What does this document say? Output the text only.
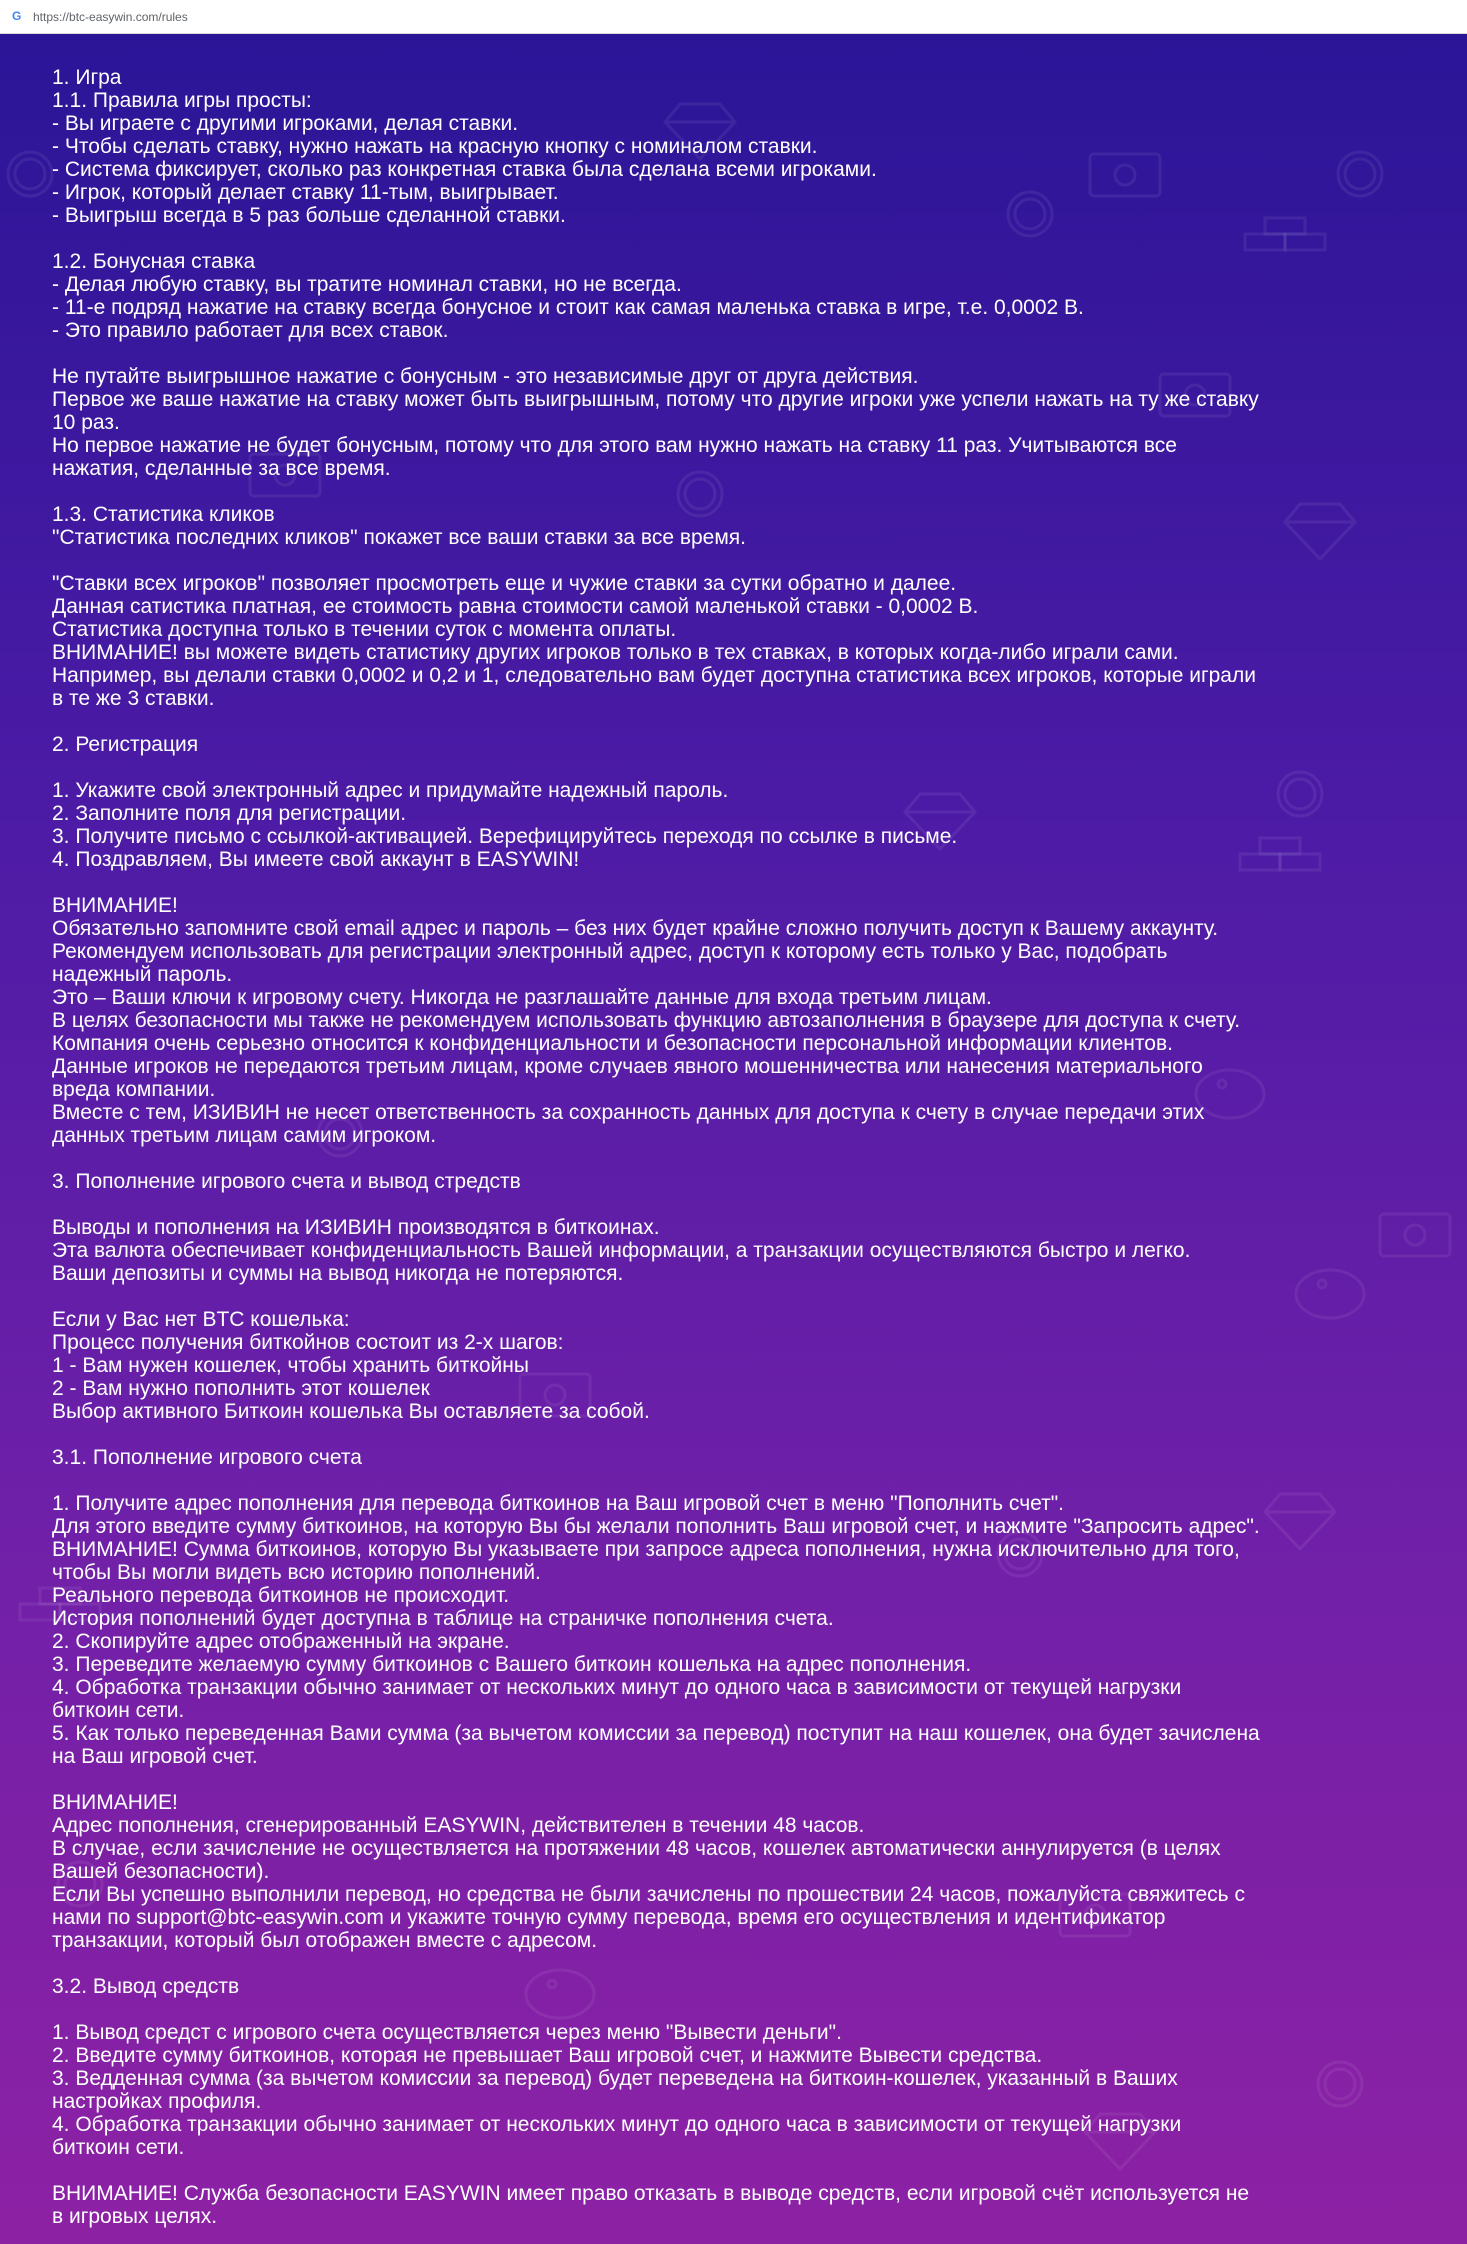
G https://btc-easywin.com/rules
1. Игра
1.1. Правила игры просты:
- Вы играете с другими игроками, делая ставки.
- Чтобы сделать ставку, нужно нажать на красную кнопку с номиналом ставки.
- Система фиксирует, сколько раз конкретная ставка была сделана всеми игроками.
- Игрок, который делает ставку 11-тым, выигрывает.
- Выигрыш всегда в 5 раз больше сделанной ставки.
1.2. Бонусная ставка
- Делая любую ставку, вы тратите номинал ставки, но не всегда.
- 11-е подряд нажатие на ставку всегда бонусное и стоит как самая маленька ставка в игре, т.е. 0,0002 В.
- Это правило работает для всех ставок.
Не путайте выигрышное нажатие с бонусным - это независимые друг от друга действия.
Первое же ваше нажатие на ставку может быть выигрышным, потому что другие игроки уже успели нажать на ту же ставку
10 раз.
Но первое нажатие не будет бонусным, потому что для этого вам нужно нажать на ставку 11 раз. Учитываются все
нажатия, сделанные за все время.
1.3. Статистика кликов
"Статистика последних кликов" покажет все ваши ставки за все время.
"Ставки всех игроков" позволяет просмотреть еще и чужие ставки за сутки обратно и далее.
Данная сатистика платная, ее стоимость равна стоимости самой маленькой ставки - 0,0002 В.
Статистика доступна только в течении суток с момента оплаты.
ВНИМАНИЕ! вы можете видеть статистику других игроков только в тех ставках, в которых когда-либо играли сами.
Например, вы делали ставки 0,0002 и 0,2 и 1, следовательно вам будет доступна статистика всех игроков, которые играли
в те же 3 ставки.
2. Регистрация
1. Укажите свой электронный адрес и придумайте надежный пароль.
2. Заполните поля для регистрации.
3. Получите письмо с ссылкой-активацией. Верефицируйтесь переходя по ссылке в письме.
4. Поздравляем, Вы имеете свой аккаунт в EASYWIN!
ВНИМАНИЕ!
Обязательно запомните свой email адрес и пароль – без них будет крайне сложно получить доступ к Вашему аккаунту.
Рекомендуем использовать для регистрации электронный адрес, доступ к которому есть только у Вас, подобрать
надежный пароль.
Это – Ваши ключи к игровому счету. Никогда не разглашайте данные для входа третьим лицам.
В целях безопасности мы также не рекомендуем использовать функцию автозаполнения в браузере для доступа к счету.
Компания очень серьезно относится к конфиденциальности и безопасности персональной информации клиентов.
Данные игроков не передаются третьим лицам, кроме случаев явного мошенничества или нанесения материального
вреда компании.
Вместе с тем, ИЗИВИН не несет ответственность за сохранность данных для доступа к счету в случае передачи этих
данных третьим лицам самим игроком.
3. Пополнение игрового счета и вывод стредств
Выводы и пополнения на ИЗИВИН производятся в биткоинах.
Эта валюта обеспечивает конфиденциальность Вашей информации, а транзакции осуществляются быстро и легко.
Ваши депозиты и суммы на вывод никогда не потеряются.
Если у Вас нет BTC кошелька:
Процесс получения биткойнов состоит из 2-х шагов:
1 - Вам нужен кошелек, чтобы хранить биткойны
2 - Вам нужно пополнить этот кошелек
Выбор активного Биткоин кошелька Вы оставляете за собой.
3.1. Пополнение игрового счета
1. Получите адрес пополнения для перевода биткоинов на Ваш игровой счет в меню "Пополнить счет".
Для этого введите сумму биткоинов, на которую Вы бы желали пополнить Ваш игровой счет, и нажмите "Запросить адрес".
ВНИМАНИЕ! Сумма биткоинов, которую Вы указываете при запросе адреса пополнения, нужна исключительно для того,
чтобы Вы могли видеть всю историю пополнений.
Реального перевода биткоинов не происходит.
История пополнений будет доступна в таблице на страничке пополнения счета.
2. Скопируйте адрес отображенный на экране.
3. Переведите желаемую сумму биткоинов с Вашего биткоин кошелька на адрес пополнения.
4. Обработка транзакции обычно занимает от нескольких минут до одного часа в зависимости от текущей нагрузки
биткоин сети.
5. Как только переведенная Вами сумма (за вычетом комиссии за перевод) поступит на наш кошелек, она будет зачислена
на Ваш игровой счет.
ВНИМАНИЕ!
Адрес пополнения, сгенерированный EASYWIN, действителен в течении 48 часов.
В случае, если зачисление не осуществляется на протяжении 48 часов, кошелек автоматически аннулируется (в целях
Вашей безопасности).
Если Вы успешно выполнили перевод, но средства не были зачислены по прошествии 24 часов, пожалуйста свяжитесь с
нами по support@btc-easywin.com и укажите точную сумму перевода, время его осуществления и идентификатор
транзакции, который был отображен вместе с адресом.
3.2. Вывод средств
1. Вывод средст с игрового счета осуществляется через меню "Вывести деньги".
2. Введите сумму биткоинов, которая не превышает Ваш игровой счет, и нажмите Вывести средства.
3. Ведденная сумма (за вычетом комиссии за перевод) будет переведена на биткоин-кошелек, указанный в Ваших
настройках профиля.
4. Обработка транзакции обычно занимает от нескольких минут до одного часа в зависимости от текущей нагрузки
биткоин сети.
ВНИМАНИЕ! Служба безопасности EASYWIN имеет право отказать в выводе средств, если игровой счёт используется не
в игровых целях.
